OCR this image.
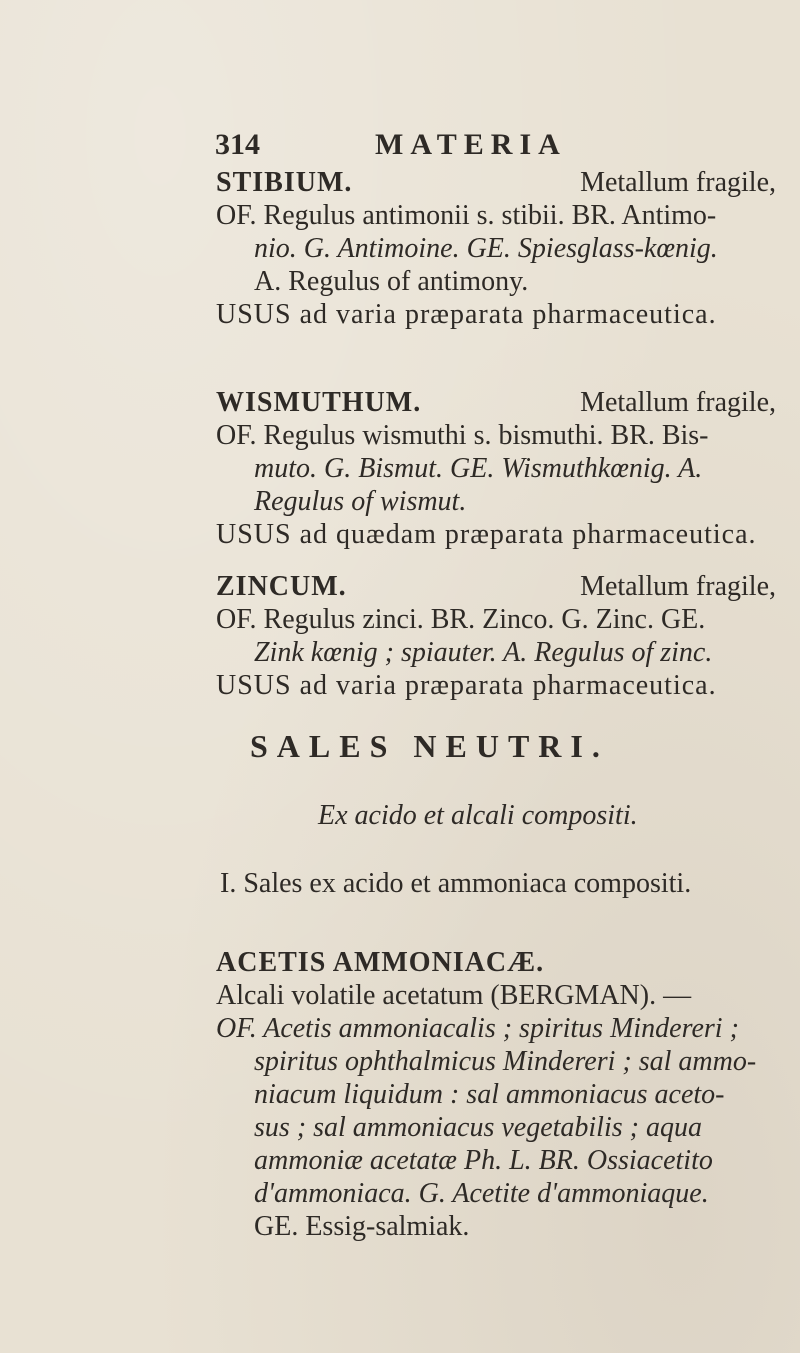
314	MATERIA
STIBIUM.	Metallum fragile,
OF. Regulus antimonii s. stibii. BR. Antimo-
nio. G. Antimoine. GE. Spiesglass-kœnig.
A. Regulus of antimony.
USUS ad varia præparata pharmaceutica.
WISMUTHUM.	Metallum fragile,
OF. Regulus wismuthi s. bismuthi. BR. Bis-
muto. G. Bismut. GE. Wismuthkœnig. A.
Regulus of wismut.
USUS ad quædam præparata pharmaceutica.
ZINCUM.	Metallum fragile,
OF. Regulus zinci. BR. Zinco. G. Zinc. GE.
Zink kœnig ; spiauter. A. Regulus of zinc.
USUS ad varia præparata pharmaceutica.
SALES NEUTRI.
Ex acido et alcali compositi.
I. Sales ex acido et ammoniaca compositi.
ACETIS AMMONIACÆ.
Alcali volatile acetatum (BERGMAN). —
OF. Acetis ammoniacalis ; spiritus Mindereri ;
spiritus ophthalmicus Mindereri ; sal ammo-
niacum liquidum : sal ammoniacus aceto-
sus ; sal ammoniacus vegetabilis ; aqua
ammoniæ acetatæ Ph. L. BR. Ossiacetito
d'ammoniaca. G. Acetite d'ammoniaque.
GE. Essig-salmiak.
